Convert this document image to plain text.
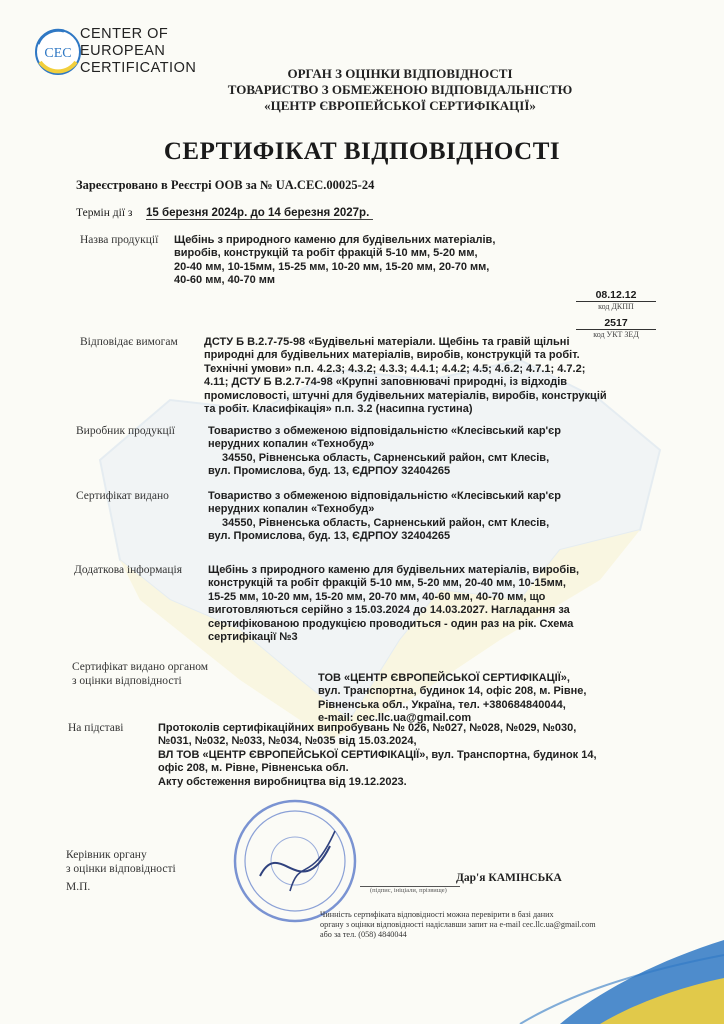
CEC
CENTER OF
EUROPEAN
CERTIFICATION	ОРГАН З ОЦІНКИ ВІДПОВІДНОСТІ
ТОВАРИСТВО З ОБМЕЖЕНОЮ ВІДПОВІДАЛЬНІСТЮ
«ЦЕНТР ЄВРОПЕЙСЬКОЇ СЕРТИФІКАЦІЇ»
СЕРТИФІКАТ ВІДПОВІДНОСТІ
Зареєстровано в Реєстрі ООВ за № UA.CEC.00025-24
Термін дії з 15 березня 2024р. до 14 березня 2027р.
Назва продукції Щебінь з природного каменю для будівельних матеріалів,
виробів, конструкцій та робіт фракцій 5-10 мм, 5-20 мм,
20-40 мм, 10-15мм, 15-25 мм, 10-20 мм, 15-20 мм, 20-70 мм,
40-60 мм, 40-70 мм
08.12.12
код ДКПП
2517
код УКТ ЗЕД
Відповідає вимогам ДСТУ Б В.2.7-75-98 «Будівельні матеріали. Щебінь та гравій щільні
природні для будівельних матеріалів, виробів, конструкцій та робіт.
Технічні умови» п.п. 4.2.3; 4.3.2; 4.3.3; 4.4.1; 4.4.2; 4.5; 4.6.2; 4.7.1; 4.7.2;
4.11; ДСТУ Б В.2.7-74-98 «Крупні заповнювачі природні, із відходів
промисловості, штучні для будівельних матеріалів, виробів, конструкцій
та робіт. Класифікація» п.п. 3.2 (насипна густина)
Виробник продукції	Товариство з обмеженою відповідальністю «Клесівський кар'єр
нерудних копалин «Технобуд»
34550, Рівненська область, Сарненський район, смт Клесів,
вул. Промислова, буд. 13, ЄДРПОУ 32404265
Сертифікат видано	Товариство з обмеженою відповідальністю «Клесівський кар'єр
нерудних копалин «Технобуд»
34550, Рівненська область, Сарненський район, смт Клесів,
вул. Промислова, буд. 13, ЄДРПОУ 32404265
Додаткова інформація Щебінь з природного каменю для будівельних матеріалів, виробів,
конструкцій та робіт фракцій 5-10 мм, 5-20 мм, 20-40 мм, 10-15мм,
15-25 мм, 10-20 мм, 15-20 мм, 20-70 мм, 40-60 мм, 40-70 мм, що
виготовляються серійно з 15.03.2024 до 14.03.2027. Нагладання за
сертифікованою продукцією проводиться - один раз на рік. Схема
сертифікації №3
Сертифікат видано органом
з оцінки відповідності	ТОВ «ЦЕНТР ЄВРОПЕЙСЬКОЇ СЕРТИФІКАЦІЇ»,
вул. Транспортна, будинок 14, офіс 208, м. Рівне,
Рівненська обл., Україна, тел. +380684840044,
e-mail: cec.llc.ua@gmail.com
На підставі	Протоколів сертифікаційних випробувань № 026, №027, №028, №029, №030,
№031, №032, №033, №034, №035 від 15.03.2024,
ВЛ ТОВ «ЦЕНТР ЄВРОПЕЙСЬКОЇ СЕРТИФІКАЦІЇ», вул. Транспортна, будинок 14,
офіс 208, м. Рівне, Рівненська обл.
Акту обстеження виробництва від 19.12.2023.
Керівник органу
з оцінки відповідності
М.П.	(підпис, ініціали, прізвище)
Дар'я КАМІНСЬКА
Чинність сертифіката відповідності можна перевірити в базі даних
органу з оцінки відповідності надіславши запит на e-mail cec.llc.ua@gmail.com
або за тел. (058) 4840044
